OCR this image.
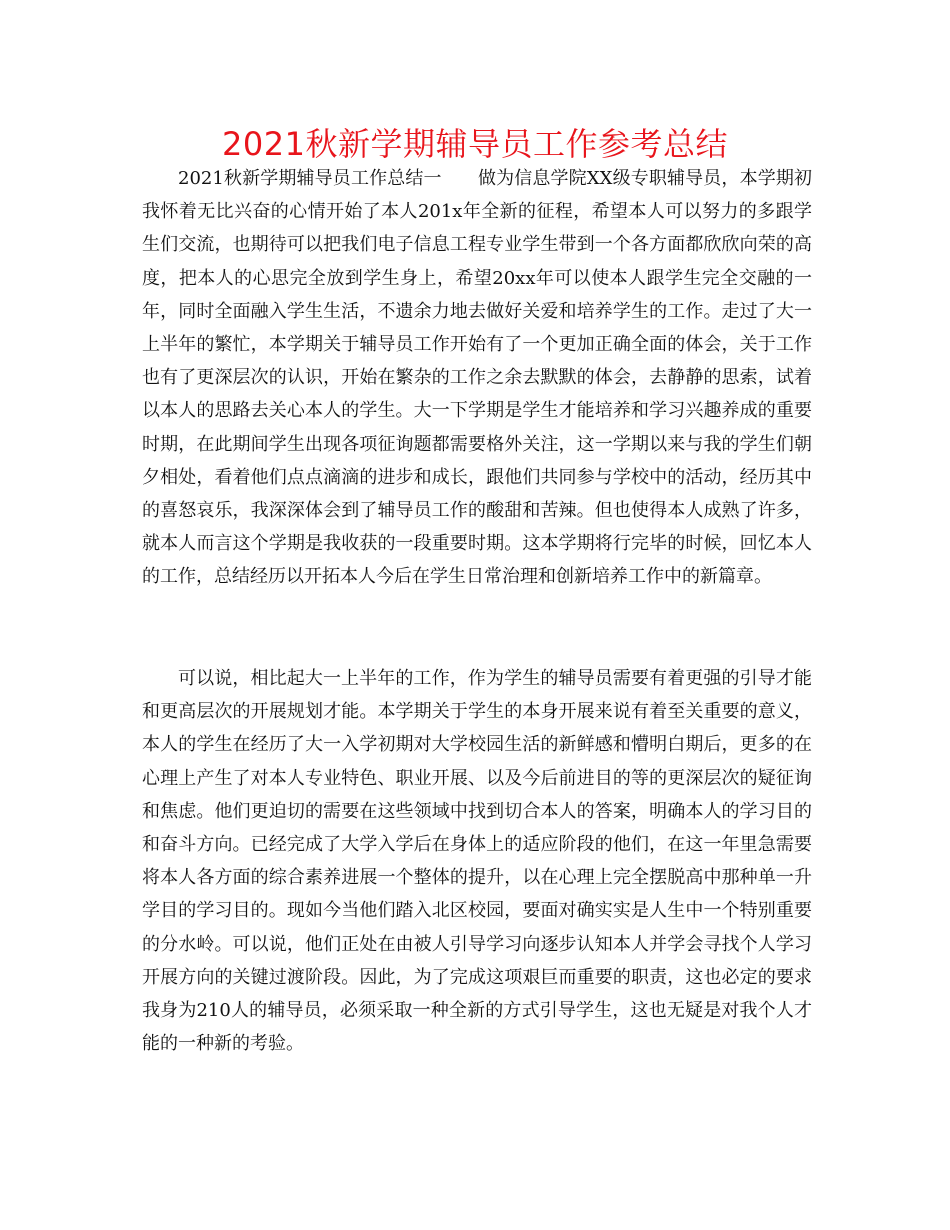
2021秋新学期辅导员工作参考总结

2021秋新学期辅导员工作总结一　　做为信息学院XX级专职辅导员，本学期初我怀着无比兴奋的心情开始了本人201x年全新的征程，希望本人可以努力的多跟学生们交流，也期待可以把我们电子信息工程专业学生带到一个各方面都欣欣向荣的高度，把本人的心思完全放到学生身上，希望20xx年可以使本人跟学生完全交融的一年，同时全面融入学生生活，不遗余力地去做好关爱和培养学生的工作。走过了大一上半年的繁忙，本学期关于辅导员工作开始有了一个更加正确全面的体会，关于工作也有了更深层次的认识，开始在繁杂的工作之余去默默的体会，去静静的思索，试着以本人的思路去关心本人的学生。大一下学期是学生才能培养和学习兴趣养成的重要时期，在此期间学生出现各项征询题都需要格外关注，这一学期以来与我的学生们朝夕相处，看着他们点点滴滴的进步和成长，跟他们共同参与学校中的活动，经历其中的喜怒哀乐，我深深体会到了辅导员工作的酸甜和苦辣。但也使得本人成熟了许多，就本人而言这个学期是我收获的一段重要时期。这本学期将行完毕的时候，回忆本人的工作，总结经历以开拓本人今后在学生日常治理和创新培养工作中的新篇章。

可以说，相比起大一上半年的工作，作为学生的辅导员需要有着更强的引导才能和更高层次的开展规划才能。本学期关于学生的本身开展来说有着至关重要的意义，本人的学生在经历了大一入学初期对大学校园生活的新鲜感和懵明白期后，更多的在心理上产生了对本人专业特色、职业开展、以及今后前进目的等的更深层次的疑征询和焦虑。他们更迫切的需要在这些领域中找到切合本人的答案，明确本人的学习目的和奋斗方向。已经完成了大学入学后在身体上的适应阶段的他们，在这一年里急需要将本人各方面的综合素养进展一个整体的提升，以在心理上完全摆脱高中那种单一升学目的学习目的。现如今当他们踏入北区校园，要面对确实实是人生中一个特别重要的分水岭。可以说，他们正处在由被人引导学习向逐步认知本人并学会寻找个人学习开展方向的关键过渡阶段。因此，为了完成这项艰巨而重要的职责，这也必定的要求我身为210人的辅导员，必须采取一种全新的方式引导学生，这也无疑是对我个人才能的一种新的考验。
